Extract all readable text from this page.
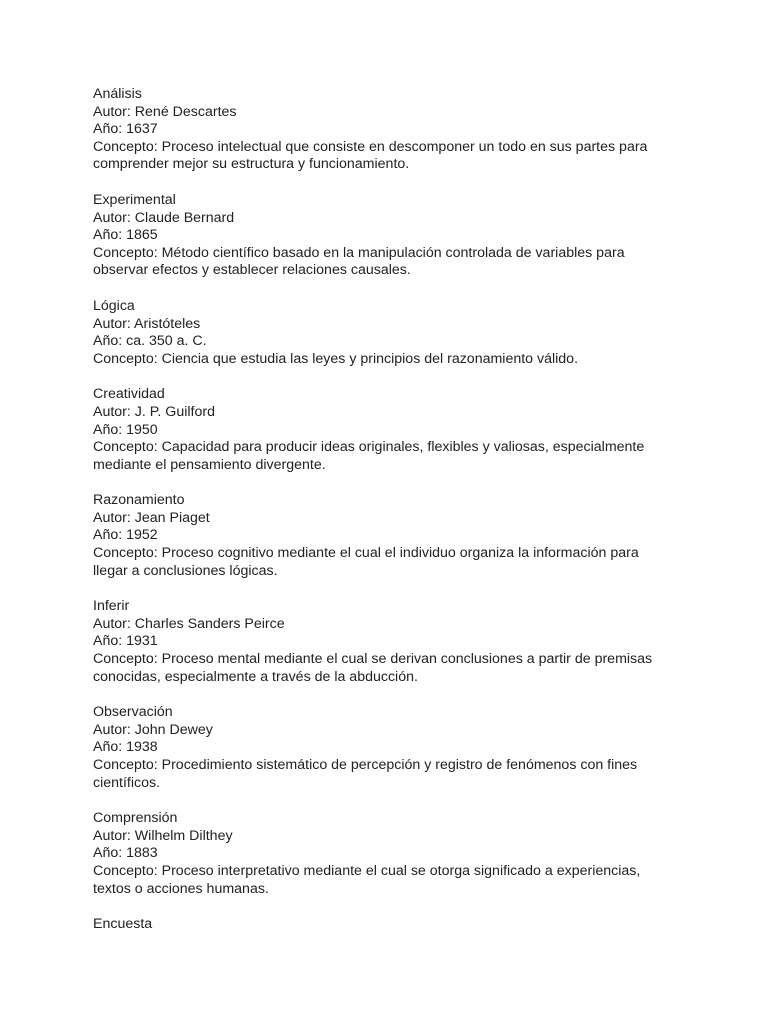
Análisis
Autor: René Descartes
Año: 1637
Concepto: Proceso intelectual que consiste en descomponer un todo en sus partes para comprender mejor su estructura y funcionamiento.
Experimental
Autor: Claude Bernard
Año: 1865
Concepto: Método científico basado en la manipulación controlada de variables para observar efectos y establecer relaciones causales.
Lógica
Autor: Aristóteles
Año: ca. 350 a. C.
Concepto: Ciencia que estudia las leyes y principios del razonamiento válido.
Creatividad
Autor: J. P. Guilford
Año: 1950
Concepto: Capacidad para producir ideas originales, flexibles y valiosas, especialmente mediante el pensamiento divergente.
Razonamiento
Autor: Jean Piaget
Año: 1952
Concepto: Proceso cognitivo mediante el cual el individuo organiza la información para llegar a conclusiones lógicas.
Inferir
Autor: Charles Sanders Peirce
Año: 1931
Concepto: Proceso mental mediante el cual se derivan conclusiones a partir de premisas conocidas, especialmente a través de la abducción.
Observación
Autor: John Dewey
Año: 1938
Concepto: Procedimiento sistemático de percepción y registro de fenómenos con fines científicos.
Comprensión
Autor: Wilhelm Dilthey
Año: 1883
Concepto: Proceso interpretativo mediante el cual se otorga significado a experiencias, textos o acciones humanas.
Encuesta
